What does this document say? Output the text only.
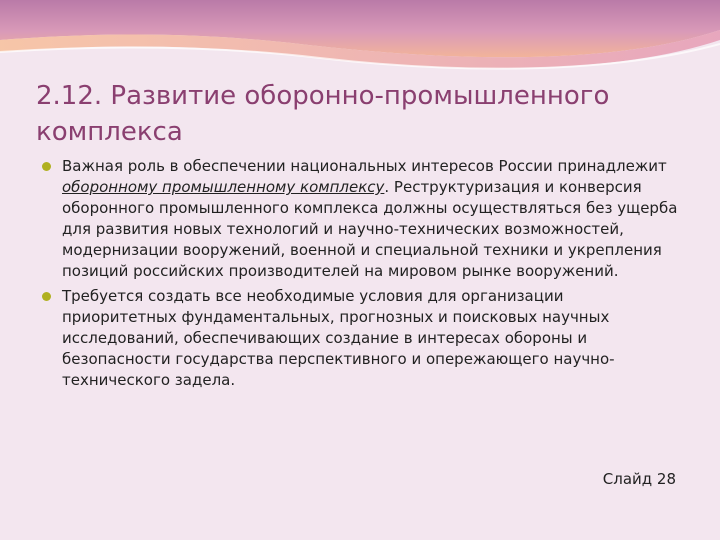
2.12. Развитие оборонно-промышленного комплекса
Важная роль в обеспечении национальных интересов России принадлежит оборонному промышленному комплексу. Реструктуризация и конверсия оборонного промышленного комплекса должны осуществляться без ущерба для развития новых технологий и научно-технических возможностей, модернизации вооружений, военной и специальной техники и укрепления позиций российских производителей на мировом рынке вооружений.
Требуется создать все необходимые условия для организации приоритетных фундаментальных, прогнозных и поисковых научных исследований, обеспечивающих создание в интересах обороны и безопасности государства перспективного и опережающего научно-технического задела.
Слайд 28
